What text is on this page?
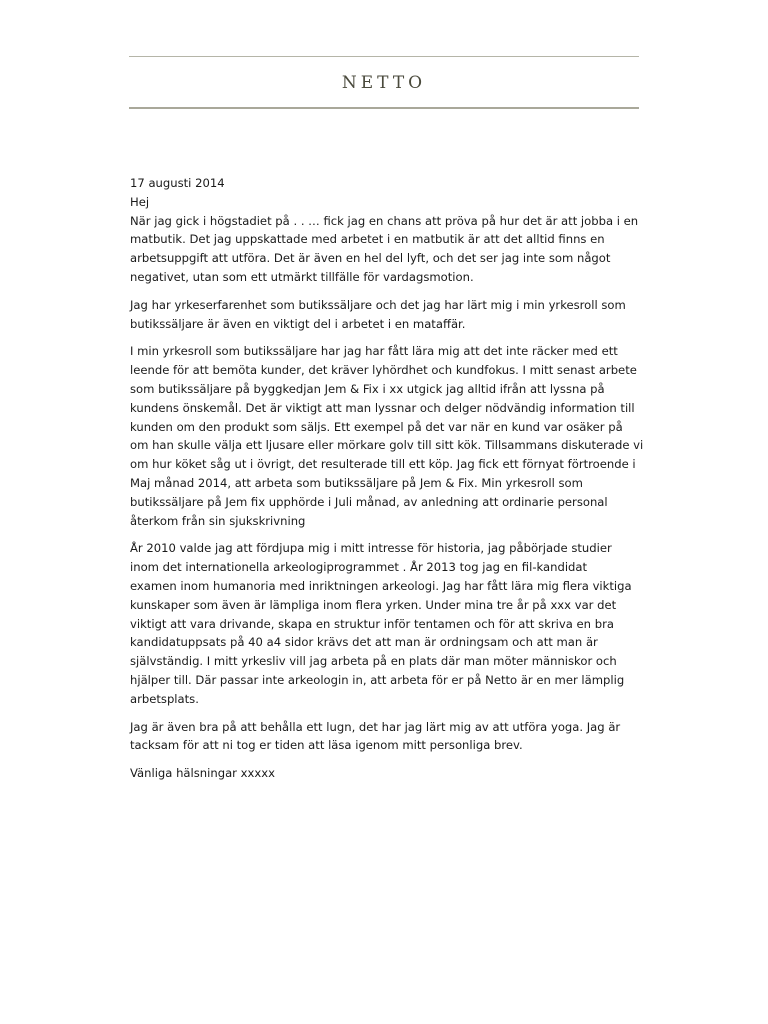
NETTO

17 augusti 2014

Hej

När jag gick i högstadiet på . . … fick jag en chans att pröva på hur det är att jobba i en

matbutik. Det jag uppskattade med arbetet i en matbutik är att det alltid finns en

arbetsuppgift att utföra. Det är även en hel del lyft, och det ser jag inte som något

negativet, utan som ett utmärkt tillfälle för vardagsmotion.

Jag har yrkeserfarenhet som butikssäljare och det jag har lärt mig i min yrkesroll som

butikssäljare är även en viktigt del i arbetet i en mataffär.

I min yrkesroll som butikssäljare har jag har fått lära mig att det inte räcker med ett

leende för att bemöta kunder, det kräver lyhördhet och kundfokus. I mitt senast arbete

som butikssäljare på byggkedjan Jem & Fix i xx utgick jag alltid ifrån att lyssna på

kundens önskemål. Det är viktigt att man lyssnar och delger nödvändig information till

kunden om den produkt som säljs. Ett exempel på det var när en kund var osäker på

om han skulle välja ett ljusare eller mörkare golv till sitt kök. Tillsammans diskuterade vi

om hur köket såg ut i övrigt, det resulterade till ett köp. Jag fick ett förnyat förtroende i

Maj månad 2014, att arbeta som butikssäljare på Jem & Fix. Min yrkesroll som

butikssäljare på Jem fix upphörde i Juli månad, av anledning att ordinarie personal

återkom från sin sjukskrivning

År 2010 valde jag att fördjupa mig i mitt intresse för historia, jag påbörjade studier

inom det internationella arkeologiprogrammet . År 2013 tog jag en fil-kandidat

examen inom humanoria med inriktningen arkeologi. Jag har fått lära mig flera viktiga

kunskaper som även är lämpliga inom flera yrken. Under mina tre år på xxx var det

viktigt att vara drivande, skapa en struktur inför tentamen och för att skriva en bra

kandidatuppsats på 40 a4 sidor krävs det att man är ordningsam och att man är

självständig. I mitt yrkesliv vill jag arbeta på en plats där man möter människor och

hjälper till. Där passar inte arkeologin in, att arbeta för er på Netto är en mer lämplig

arbetsplats.

Jag är även bra på att behålla ett lugn, det har jag lärt mig av att utföra yoga. Jag är

tacksam för att ni tog er tiden att läsa igenom mitt personliga brev.

Vänliga hälsningar xxxxx
